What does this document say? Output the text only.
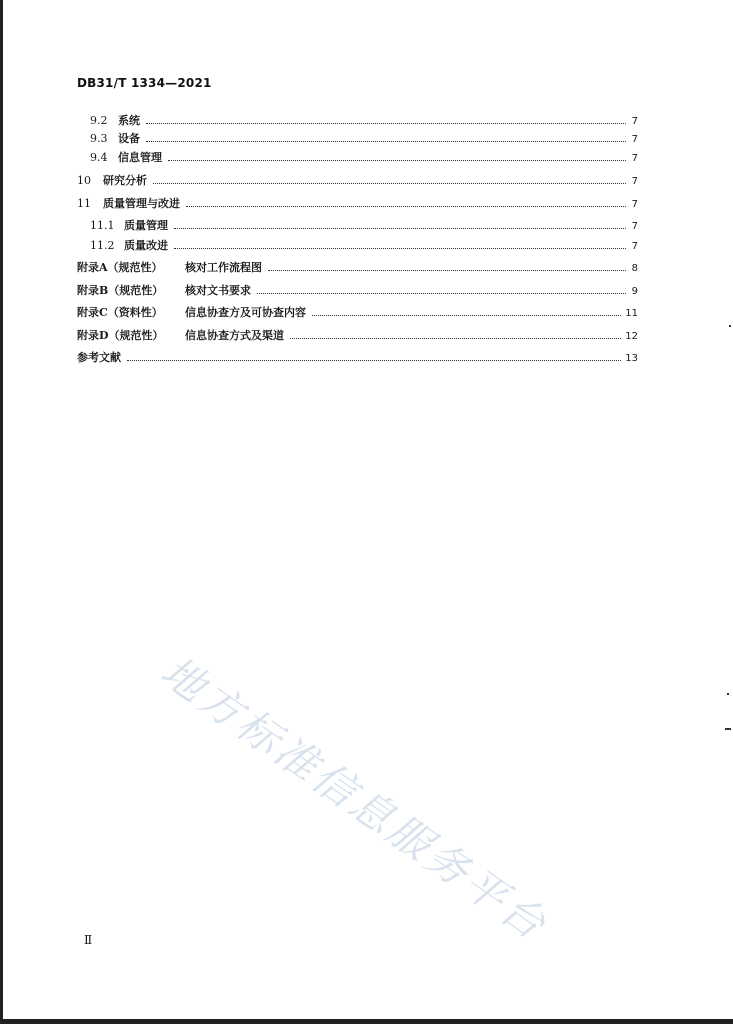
DB31/T 1334—2021
9.2 系统	7
9.3 设备	7
9.4 信息管理	7
10 研究分析	7
11 质量管理与改进	7
11.1 质量管理	7
11.2 质量改进	7
附录A（规范性） 核对工作流程图	8
附录B（规范性） 核对文书要求	9
附录C（资料性） 信息协查方及可协查内容	11
附录D（规范性） 信息协查方式及渠道	12
参考文献	13
地方标准信息服务平台
Ⅱ
